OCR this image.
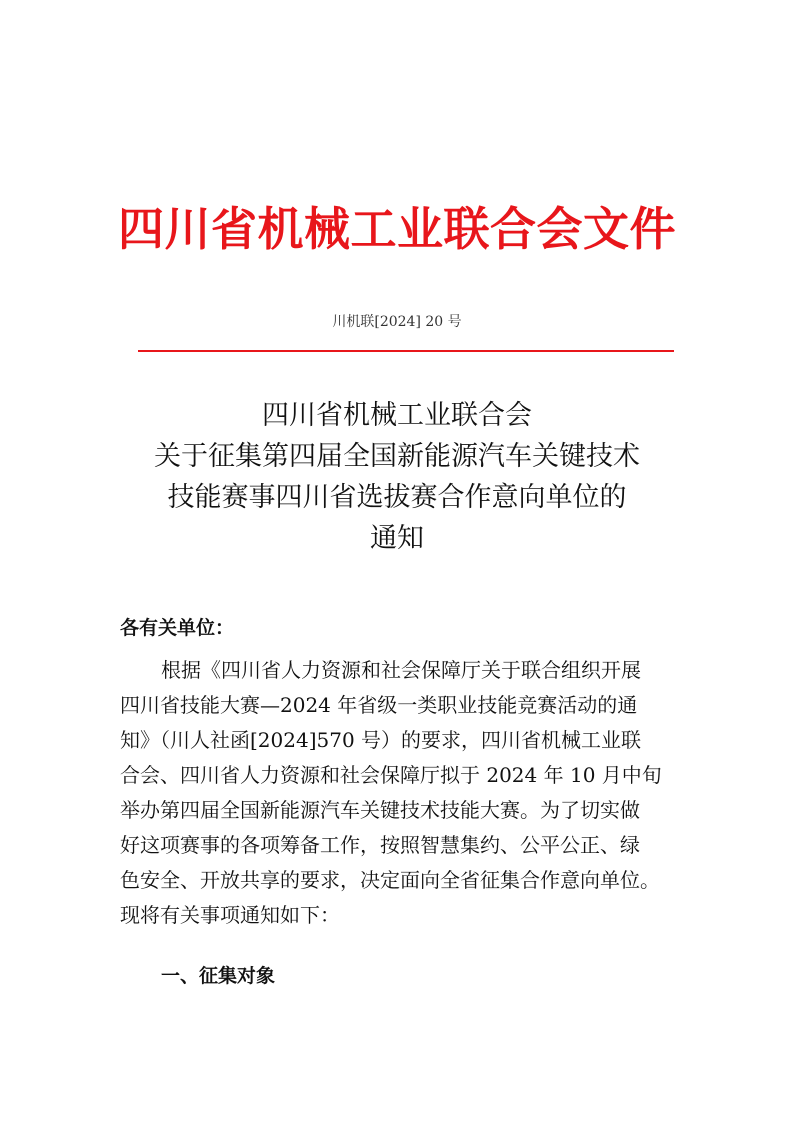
四川省机械工业联合会文件
川机联[2024] 20 号
四川省机械工业联合会
关于征集第四届全国新能源汽车关键技术
技能赛事四川省选拔赛合作意向单位的
通知
各有关单位：
根据《四川省人力资源和社会保障厅关于联合组织开展
四川省技能大赛—2024 年省级一类职业技能竞赛活动的通
知》（川人社函[2024]570 号）的要求，四川省机械工业联
合会、四川省人力资源和社会保障厅拟于 2024 年 10 月中旬
举办第四届全国新能源汽车关键技术技能大赛。为了切实做
好这项赛事的各项筹备工作，按照智慧集约、公平公正、绿
色安全、开放共享的要求，决定面向全省征集合作意向单位。
现将有关事项通知如下：
一、征集对象
